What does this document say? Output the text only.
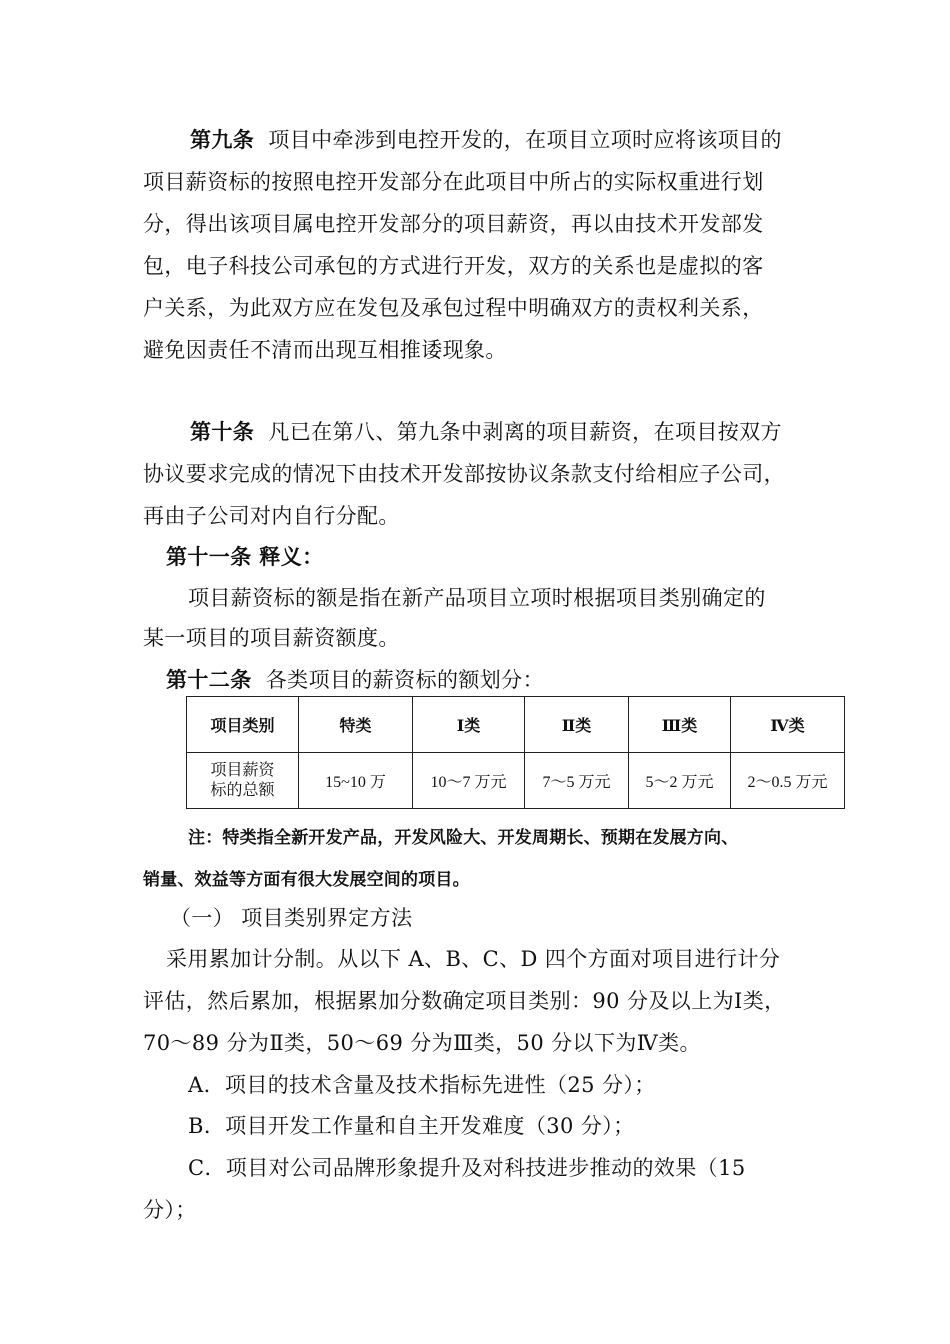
第九条 项目中牵涉到电控开发的，在项目立项时应将该项目的
项目薪资标的按照电控开发部分在此项目中所占的实际权重进行划
分，得出该项目属电控开发部分的项目薪资，再以由技术开发部发
包，电子科技公司承包的方式进行开发，双方的关系也是虚拟的客
户关系，为此双方应在发包及承包过程中明确双方的责权利关系，
避免因责任不清而出现互相推诿现象。
第十条 凡已在第八、第九条中剥离的项目薪资，在项目按双方
协议要求完成的情况下由技术开发部按协议条款支付给相应子公司，
再由子公司对内自行分配。
第十一条 释义：
项目薪资标的额是指在新产品项目立项时根据项目类别确定的
某一项目的项目薪资额度。
第十二条 各类项目的薪资标的额划分：
项目类别	特类	Ⅰ类	Ⅱ类	Ⅲ类	Ⅳ类
项目薪资
标的总额	15~10 万	10～7 万元	7～5 万元	5～2 万元	2～0.5 万元
注：特类指全新开发产品，开发风险大、开发周期长、预期在发展方向、
销量、效益等方面有很大发展空间的项目。
（一） 项目类别界定方法
采用累加计分制。从以下 A、B、C、D 四个方面对项目进行计分
评估，然后累加，根据累加分数确定项目类别：90 分及以上为Ⅰ类，
70～89 分为Ⅱ类，50～69 分为Ⅲ类，50 分以下为Ⅳ类。
A．项目的技术含量及技术指标先进性（25 分）；
B．项目开发工作量和自主开发难度（30 分）；
C．项目对公司品牌形象提升及对科技进步推动的效果（15
分）；
